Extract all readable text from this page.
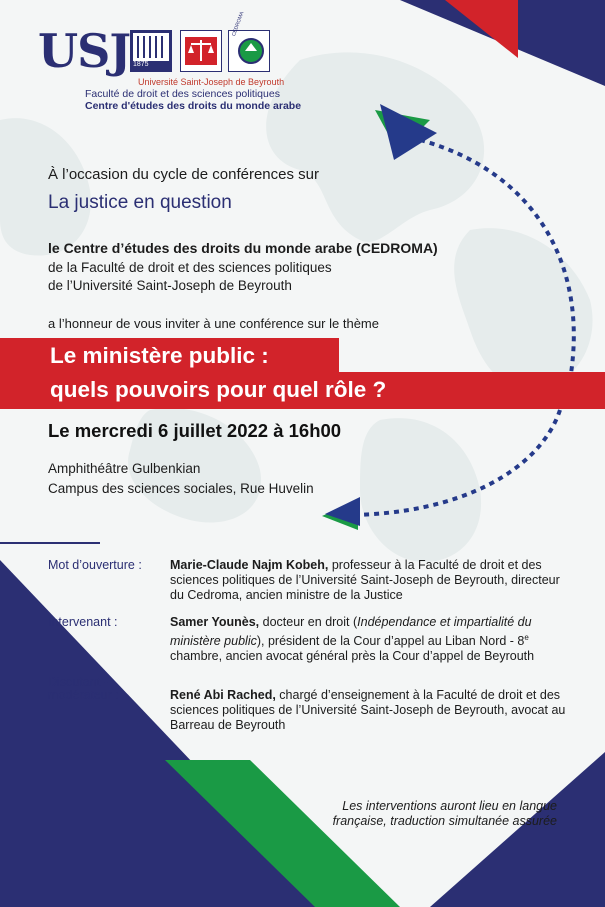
USJ 1875
CEDROMA
Université Saint-Joseph de Beyrouth
Faculté de droit et des sciences politiques
Centre d'études des droits du monde arabe
À l’occasion du cycle de conférences sur
La justice en question
le Centre d’études des droits du monde arabe (CEDROMA)
de la Faculté de droit et des sciences politiques
de l’Université Saint-Joseph de Beyrouth
a l’honneur de vous inviter à une conférence sur le thème
Le ministère public :
quels pouvoirs pour quel rôle ?
Le mercredi 6 juillet 2022 à 16h00
Amphithéâtre Gulbenkian
Campus des sciences sociales, Rue Huvelin
Mot d’ouverture : Marie-Claude Najm Kobeh, professeur à la Faculté de droit et des sciences politiques de l’Université Saint-Joseph de Beyrouth, directeur du Cedroma, ancien ministre de la Justice
Intervenant :	Samer Younès, docteur en droit (Indépendance et impartialité du ministère public), président de la Cour d’appel au Liban Nord - 8e chambre, ancien avocat général près la Cour d’appel de Beyrouth
Discutant -
modérateur :	René Abi Rached, chargé d’enseignement à la Faculté de droit et des sciences politiques de l’Université Saint-Joseph de Beyrouth, avocat au Barreau de Beyrouth
Les interventions auront lieu en langue
française, traduction simultanée assurée
